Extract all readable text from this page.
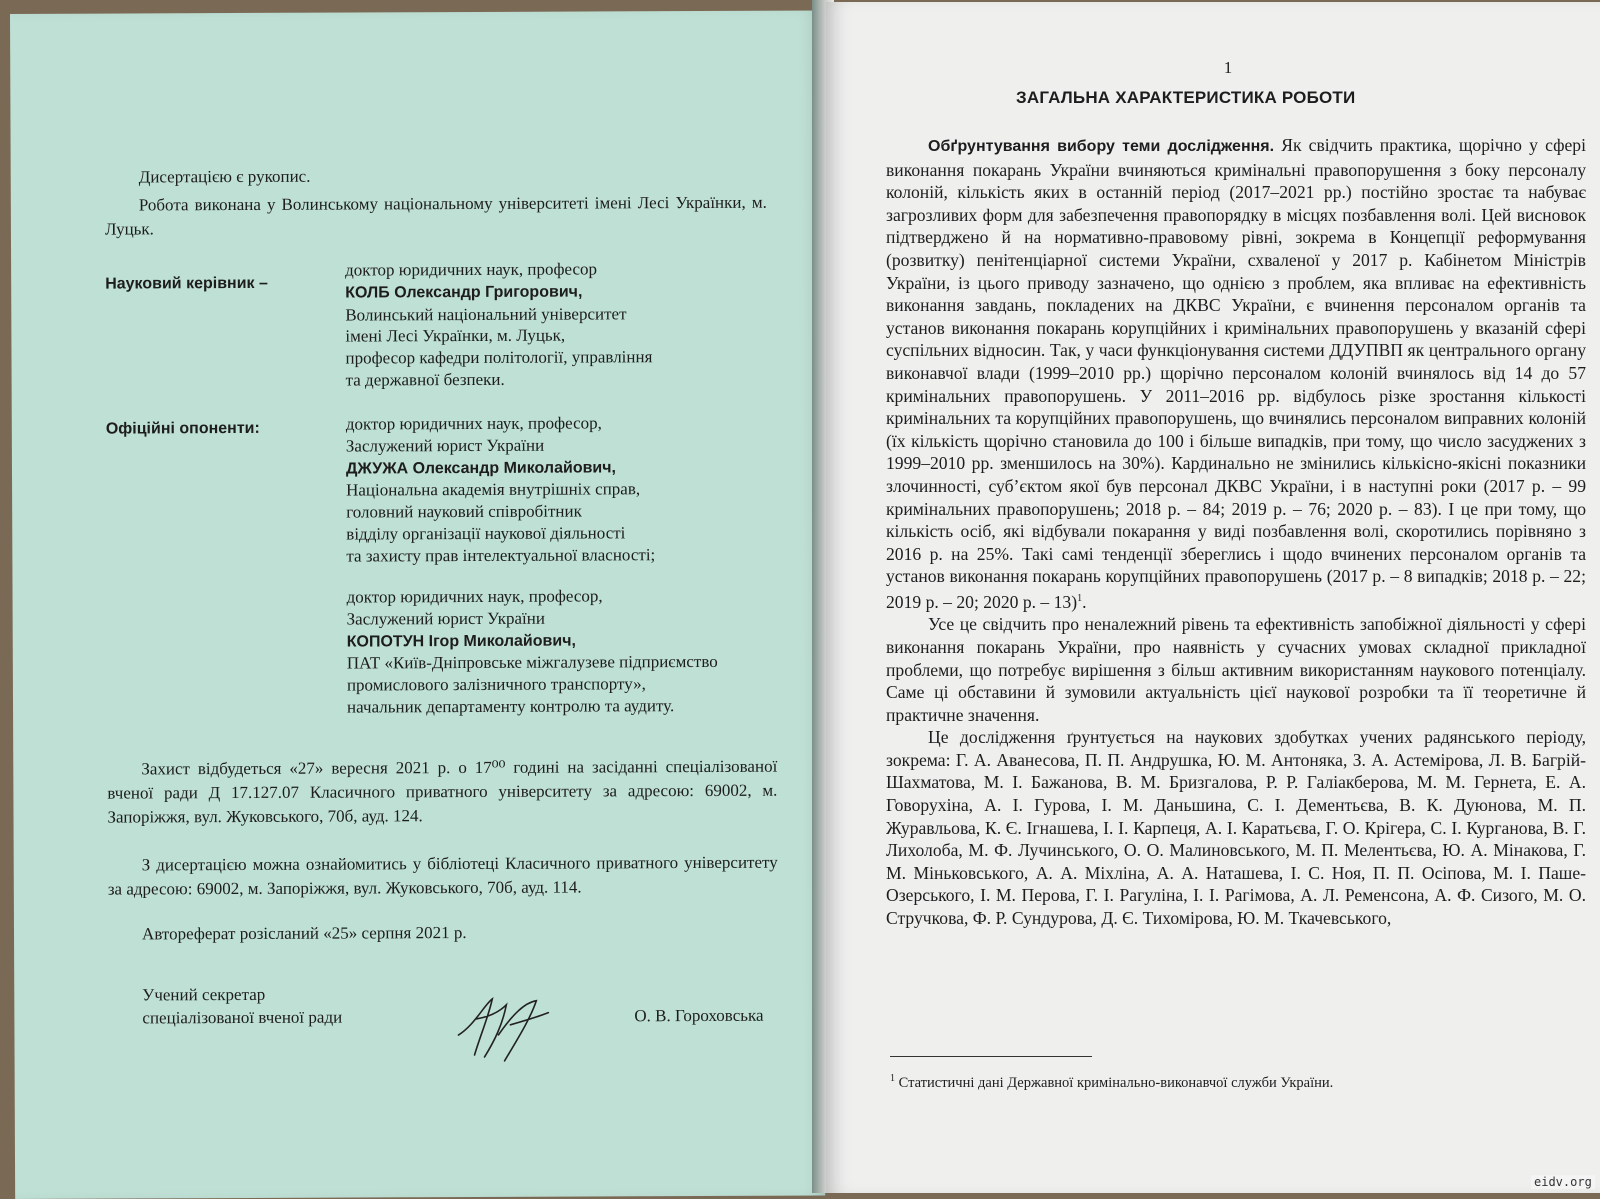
Дисертацією є рукопис.
Робота виконана у Волинському національному університеті імені Лесі Українки, м. Луцьк.
Науковий керівник –
доктор юридичних наук, професор
КОЛБ Олександр Григорович,
Волинський національний університет
імені Лесі Українки, м. Луцьк,
професор кафедри політології, управління
та державної безпеки.
Офіційні опоненти:	доктор юридичних наук, професор,
Заслужений юрист України
ДЖУЖА Олександр Миколайович,
Національна академія внутрішніх справ,
головний науковий співробітник
відділу організації наукової діяльності
та захисту прав інтелектуальної власності;
доктор юридичних наук, професор,
Заслужений юрист України
КОПОТУН Ігор Миколайович,
ПАТ «Київ-Дніпровське міжгалузеве підприємство
промислового залізничного транспорту»,
начальник департаменту контролю та аудиту.
Захист відбудеться «27» вересня 2021 р. о 17⁰⁰ годині на засіданні спеціалізованої вченої ради Д 17.127.07 Класичного приватного університету за адресою: 69002, м. Запоріжжя, вул. Жуковського, 70б, ауд. 124.
З дисертацією можна ознайомитись у бібліотеці Класичного приватного університету за адресою: 69002, м. Запоріжжя, вул. Жуковського, 70б, ауд. 114.
Автореферат розісланий «25» серпня 2021 р.
Учений секретар
спеціалізованої вченої ради	О. В. Гороховська
1
ЗАГАЛЬНА ХАРАКТЕРИСТИКА РОБОТИ

Обґрунтування вибору теми дослідження. Як свідчить практика, щорічно у сфері виконання покарань України вчиняються кримінальні правопорушення з боку персоналу колоній, кількість яких в останній період (2017–2021 рр.) постійно зростає та набуває загрозливих форм для забезпечення правопорядку в місцях позбавлення волі. Цей висновок підтверджено й на нормативно-правовому рівні, зокрема в Концепції реформування (розвитку) пенітенціарної системи України, схваленої у 2017 р. Кабінетом Міністрів України, із цього приводу зазначено, що однією з проблем, яка впливає на ефективність виконання завдань, покладених на ДКВС України, є вчинення персоналом органів та установ виконання покарань корупційних і кримінальних правопорушень у вказаній сфері суспільних відносин. Так, у часи функціонування системи ДДУПВП як центрального органу виконавчої влади (1999–2010 рр.) щорічно персоналом колоній вчинялось від 14 до 57 кримінальних правопорушень. У 2011–2016 рр. відбулось різке зростання кількості кримінальних та корупційних правопорушень, що вчинялись персоналом виправних колоній (їх кількість щорічно становила до 100 і більше випадків, при тому, що число засуджених з 1999–2010 рр. зменшилось на 30%). Кардинально не змінились кількісно-якісні показники злочинності, суб’єктом якої був персонал ДКВС України, і в наступні роки (2017 р. – 99 кримінальних правопорушень; 2018 р. – 84; 2019 р. – 76; 2020 р. – 83). І це при тому, що кількість осіб, які відбували покарання у виді позбавлення волі, скоротились порівняно з 2016 р. на 25%. Такі самі тенденції збереглись і щодо вчинених персоналом органів та установ виконання покарань корупційних правопорушень (2017 р. – 8 випадків; 2018 р. – 22; 2019 р. – 20; 2020 р. – 13)$^1$.

Усе це свідчить про неналежний рівень та ефективність запобіжної діяльності у сфері виконання покарань України, про наявність у сучасних умовах складної прикладної проблеми, що потребує вирішення з більш активним використанням наукового потенціалу. Саме ці обставини й зумовили актуальність цієї наукової розробки та її теоретичне й практичне значення.

Це дослідження ґрунтується на наукових здобутках учених радянського періоду, зокрема: Г. А. Аванесова, П. П. Андрушка, Ю. М. Антоняка, З. А. Астемірова, Л. В. Багрій-Шахматова, М. І. Бажанова, В. М. Бризгалова, Р. Р. Галіакберова, М. М. Гернета, Е. А. Говорухіна, А. І. Гурова, І. М. Даньшина, С. І. Дементьєва, В. К. Дуюнова, М. П. Журавльова, К. Є. Ігнашева, І. І. Карпеця, А. І. Каратьєва, Г. О. Крігера, С. І. Курганова, В. Г. Лихолоба, М. Ф. Лучинського, О. О. Малиновського, М. П. Мелентьєва, Ю. А. Мінакова, Г. М. Міньковського, А. А. Міхліна, А. А. Наташева, І. С. Ноя, П. П. Осіпова, М. І. Паше-Озерського, І. М. Перова, Г. І. Рагуліна, І. І. Рагімова, А. Л. Ременсона, А. Ф. Сизого, М. О. Стручкова, Ф. Р. Сундурова, Д. Є. Тихомірова, Ю. М. Ткачевського,

$^1$ Статистичні дані Державної кримінально-виконавчої служби України.
eidv.org
